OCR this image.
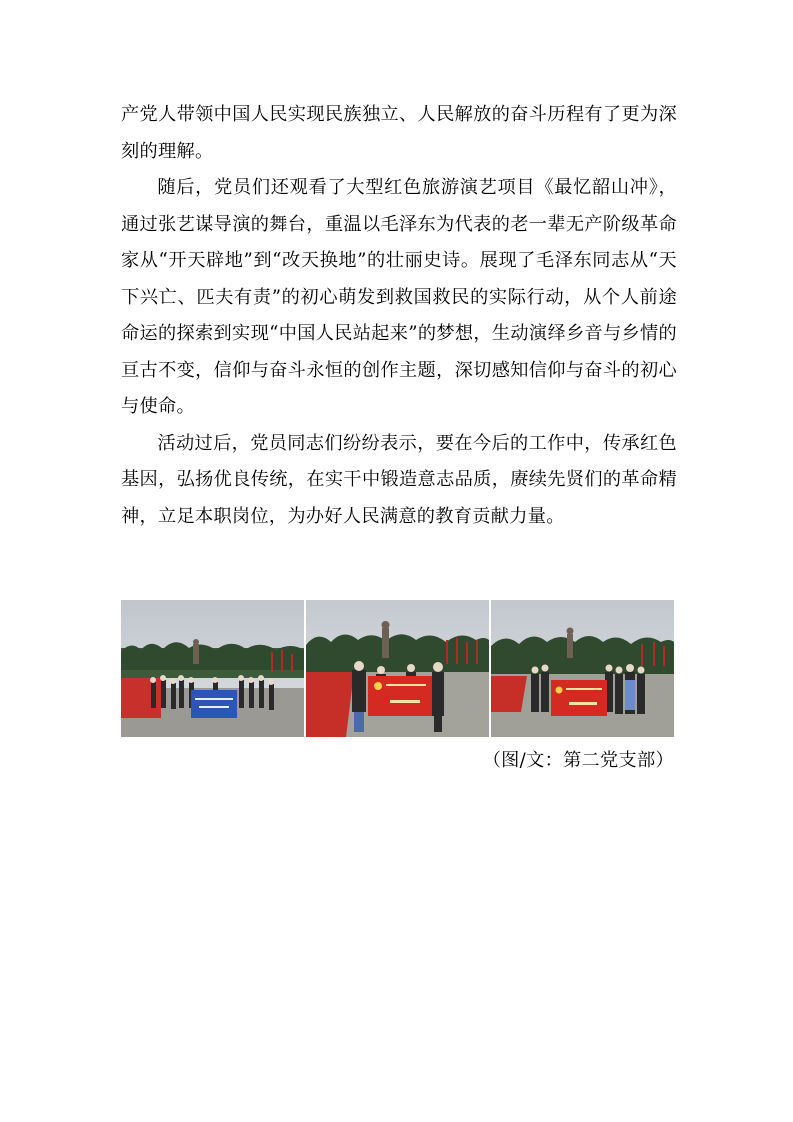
产党人带领中国人民实现民族独立、人民解放的奋斗历程有了更为深刻的理解。

随后，党员们还观看了大型红色旅游演艺项目《最忆韶山冲》，通过张艺谋导演的舞台，重温以毛泽东为代表的老一辈无产阶级革命家从“开天辟地”到“改天换地”的壮丽史诗。展现了毛泽东同志从“天下兴亡、匹夫有责”的初心萌发到救国救民的实际行动，从个人前途命运的探索到实现“中国人民站起来”的梦想，生动演绎乡音与乡情的亘古不变，信仰与奋斗永恒的创作主题，深切感知信仰与奋斗的初心与使命。

活动过后，党员同志们纷纷表示，要在今后的工作中，传承红色基因，弘扬优良传统，在实干中锻造意志品质，赓续先贤们的革命精神，立足本职岗位，为办好人民满意的教育贡献力量。

（图/文：第二党支部）
